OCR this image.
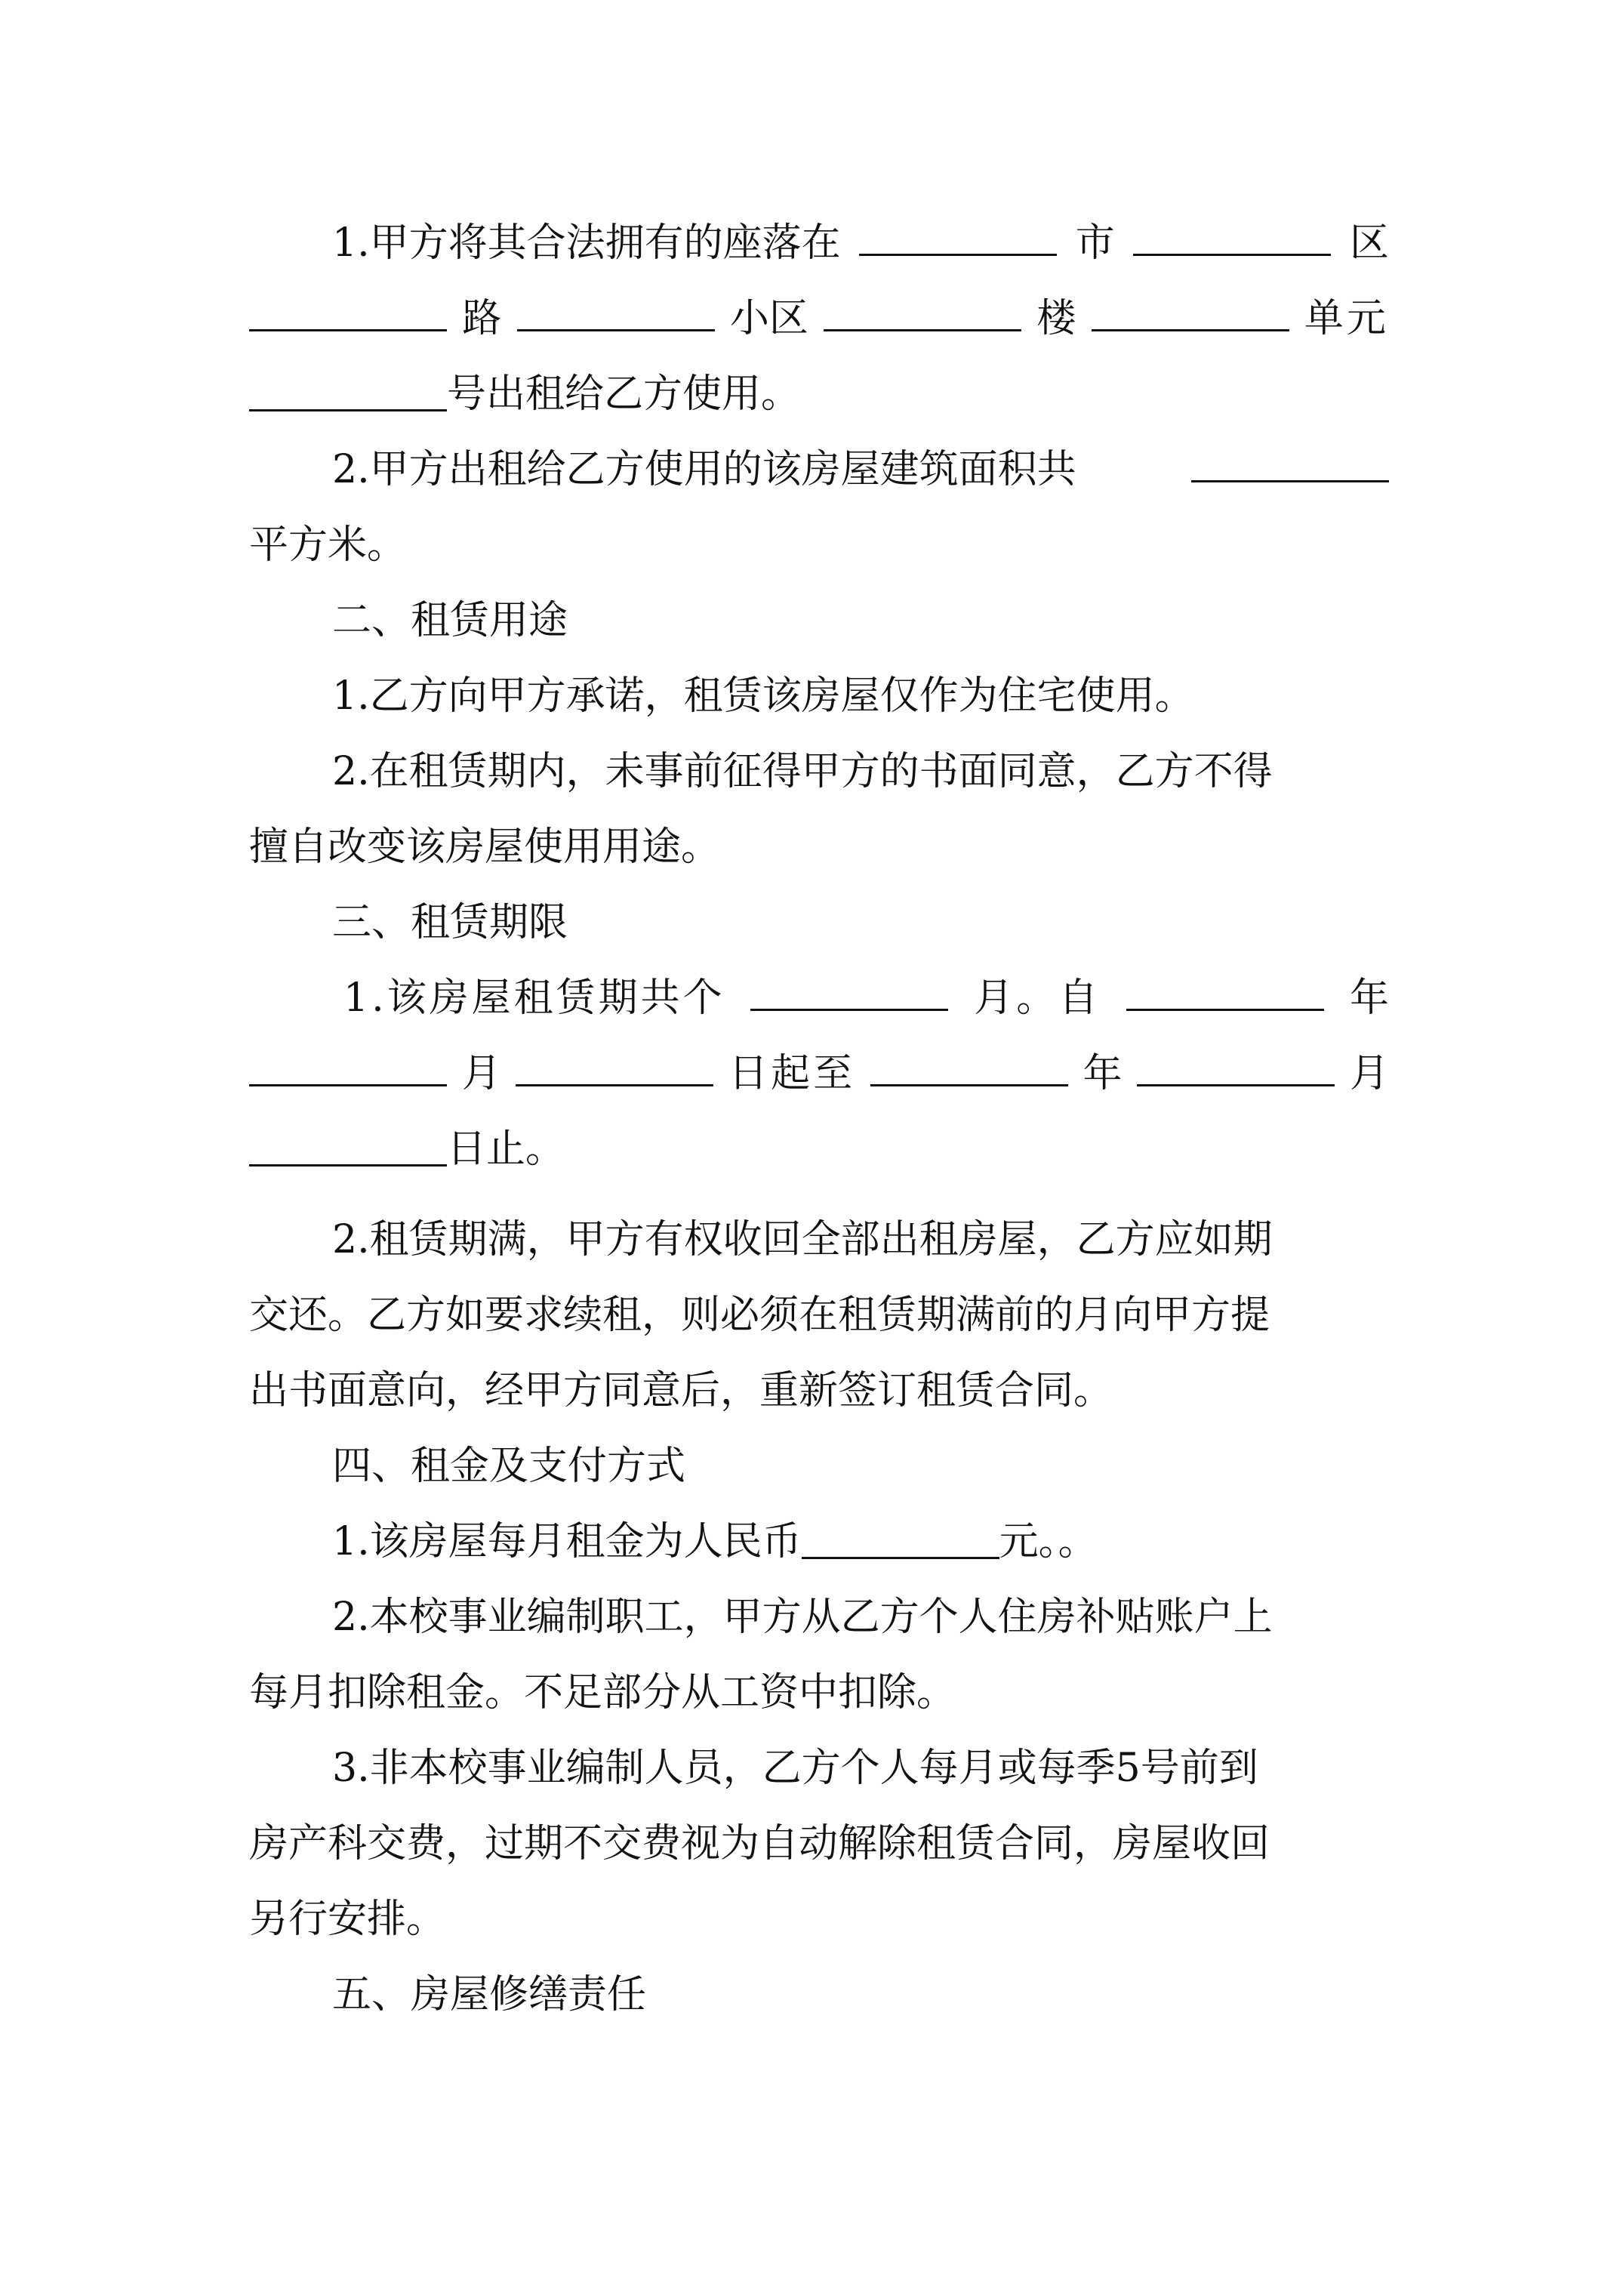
1.甲方将其合法拥有的座落在	市	区
路	小区	楼	单元
号出租给乙方使用。
2.甲方出租给乙方使用的该房屋建筑面积共
平方米。
二、租赁用途
1.乙方向甲方承诺，租赁该房屋仅作为住宅使用。
2.在租赁期内，未事前征得甲方的书面同意，乙方不得
擅自改变该房屋使用用途。
三、租赁期限
1.该房屋租赁期共个	月。自	年
月	日起至	年	月
日止。
2.租赁期满，甲方有权收回全部出租房屋，乙方应如期
交还。乙方如要求续租，则必须在租赁期满前的月向甲方提
出书面意向，经甲方同意后，重新签订租赁合同。
四、租金及支付方式
1.该房屋每月租金为人民币	元。。
2.本校事业编制职工，甲方从乙方个人住房补贴账户上
每月扣除租金。不足部分从工资中扣除。
3.非本校事业编制人员，乙方个人每月或每季5号前到
房产科交费，过期不交费视为自动解除租赁合同，房屋收回
另行安排。
五、房屋修缮责任
